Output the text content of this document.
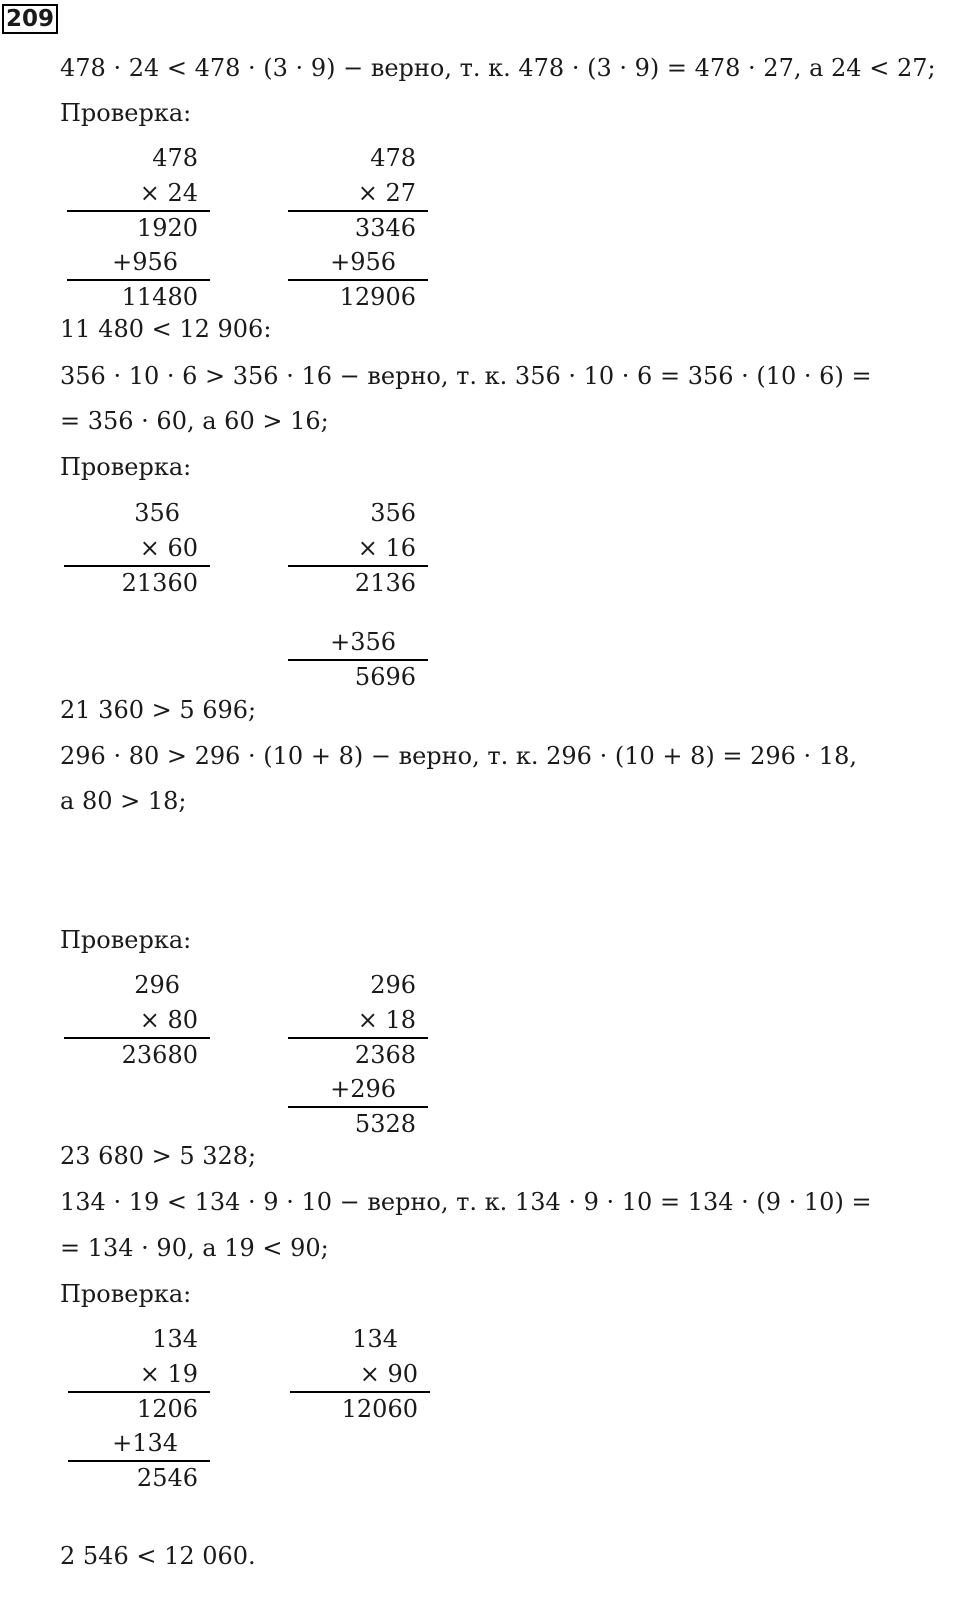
209
478 · 24 < 478 · (3 · 9) − верно, т. к. 478 · (3 · 9) = 478 · 27, а 24 < 27;
Проверка:
478
× 24
1920
+956
11480
478
× 27
3346
+956
12906
11 480 < 12 906:
356 · 10 · 6 > 356 · 16 − верно, т. к. 356 · 10 · 6 = 356 · (10 · 6) =
= 356 · 60, а 60 > 16;
Проверка:
356
× 60
21360
356
× 16
2136
+356
5696
21 360 > 5 696;
296 · 80 > 296 · (10 + 8) − верно, т. к. 296 · (10 + 8) = 296 · 18,
а 80 > 18;
Проверка:
296
× 80
23680
296
× 18
2368
+296
5328
23 680 > 5 328;
134 · 19 < 134 · 9 · 10 − верно, т. к. 134 · 9 · 10 = 134 · (9 · 10) =
= 134 · 90, а 19 < 90;
Проверка:
134
× 19
1206
+134
2546
134
× 90
12060
2 546 < 12 060.
